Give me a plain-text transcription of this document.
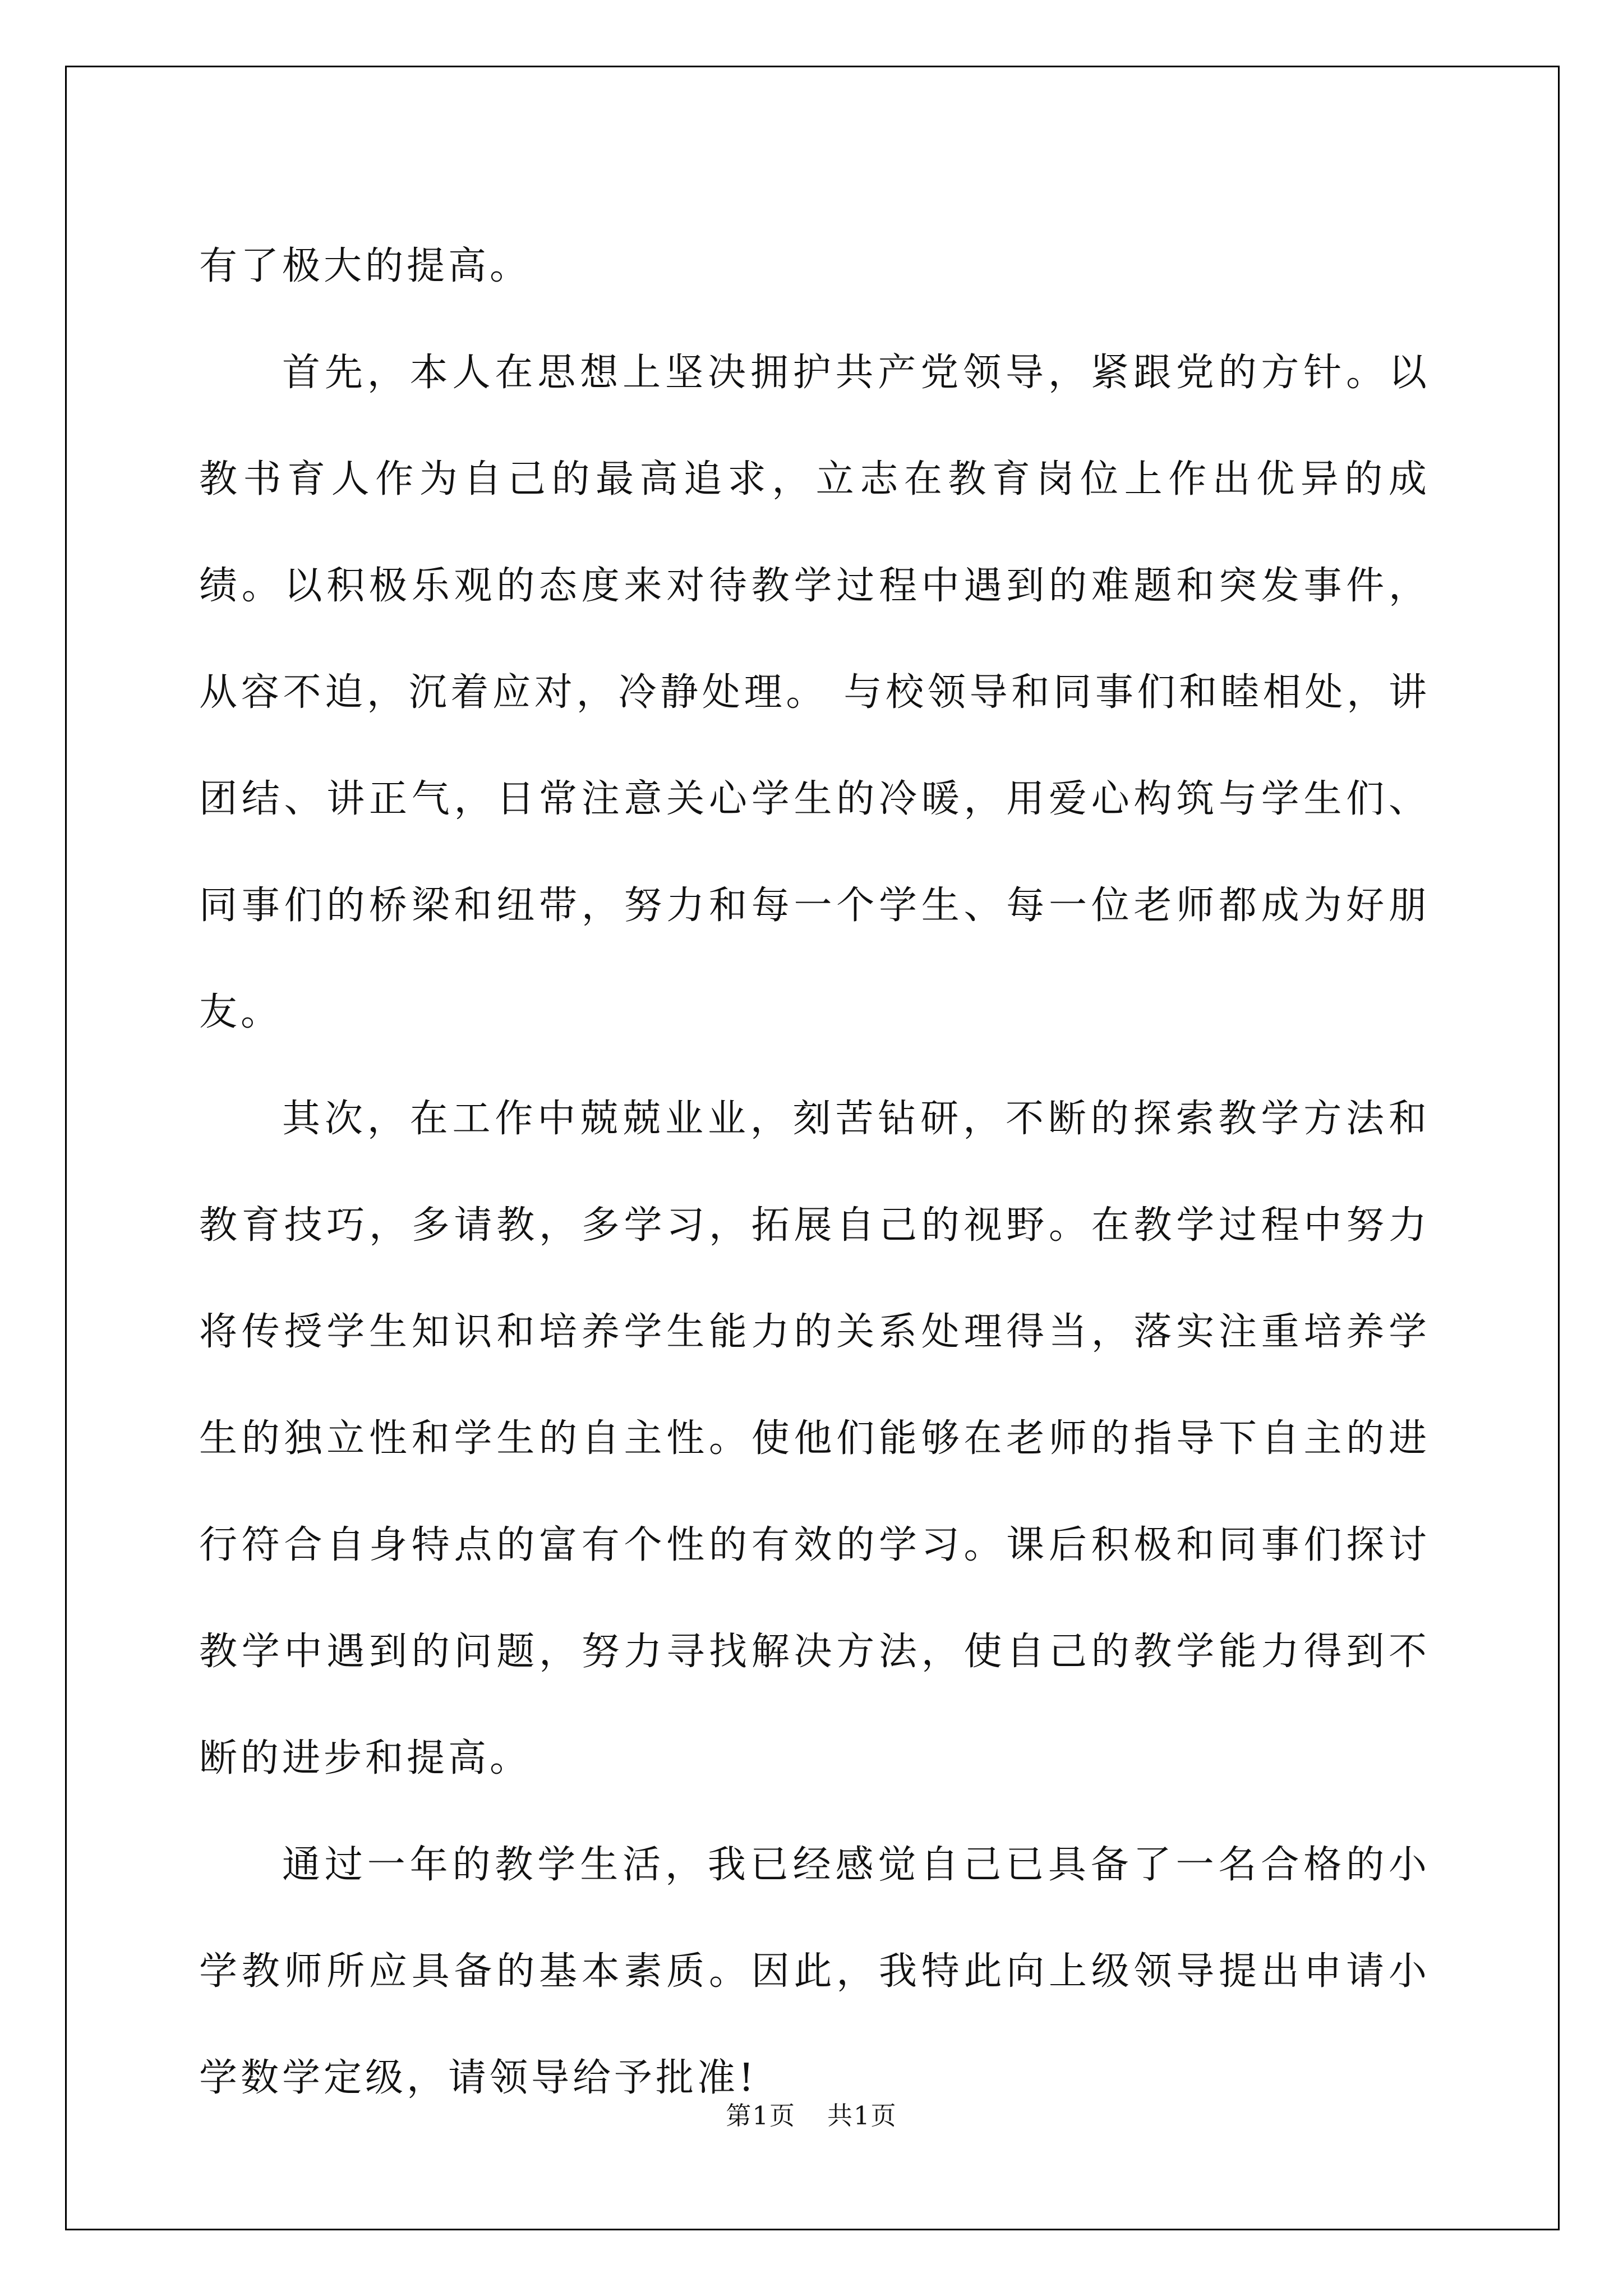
有了极大的提高。

首先，本人在思想上坚决拥护共产党领导，紧跟党的方针。以教书育人作为自己的最高追求，立志在教育岗位上作出优异的成绩。以积极乐观的态度来对待教学过程中遇到的难题和突发事件，从容不迫，沉着应对，冷静处理。 与校领导和同事们和睦相处，讲团结、讲正气，日常注意关心学生的冷暖，用爱心构筑与学生们、同事们的桥梁和纽带，努力和每一个学生、每一位老师都成为好朋友。

其次，在工作中兢兢业业，刻苦钻研，不断的探索教学方法和教育技巧，多请教，多学习，拓展自己的视野。在教学过程中努力将传授学生知识和培养学生能力的关系处理得当，落实注重培养学生的独立性和学生的自主性。使他们能够在老师的指导下自主的进行符合自身特点的富有个性的有效的学习。课后积极和同事们探讨教学中遇到的问题，努力寻找解决方法，使自己的教学能力得到不断的进步和提高。

通过一年的教学生活，我已经感觉自己已具备了一名合格的小学教师所应具备的基本素质。因此，我特此向上级领导提出申请小学数学定级，请领导给予批准!

第1页 共1页
